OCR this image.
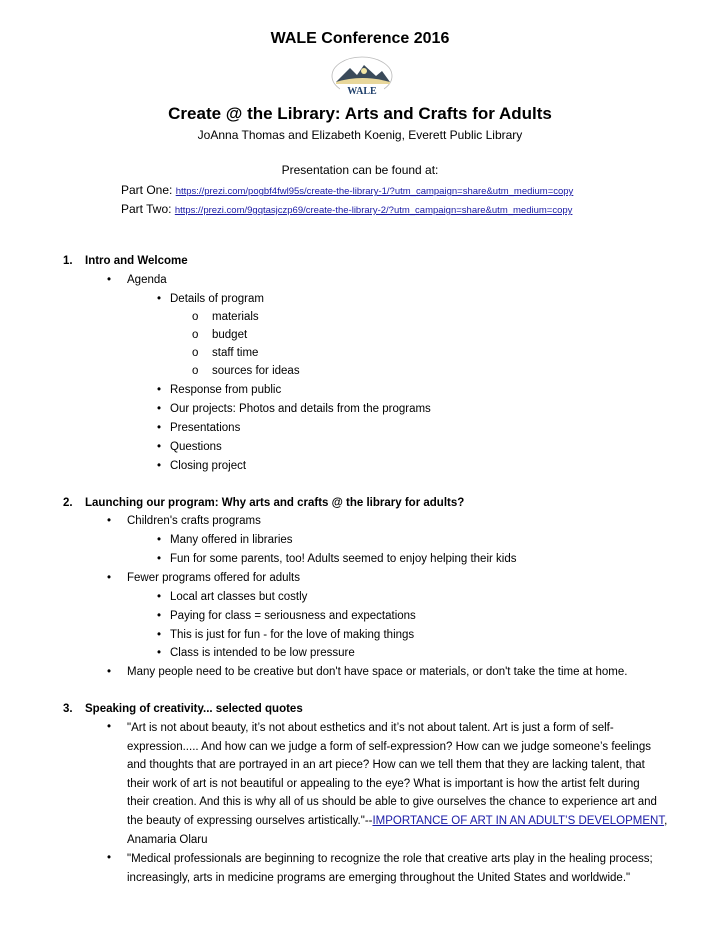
WALE Conference 2016
WALE
Create @ the Library: Arts and Crafts for Adults
JoAnna Thomas and Elizabeth Koenig, Everett Public Library
Presentation can be found at:
Part One: https://prezi.com/pogbf4fwl95s/create-the-library-1/?utm_campaign=share&utm_medium=copy
Part Two: https://prezi.com/9gqtasjczp69/create-the-library-2/?utm_campaign=share&utm_medium=copy
1. Intro and Welcome
• Agenda
• Details of program
o materials
o budget
o staff time
o sources for ideas
• Response from public
• Our projects: Photos and details from the programs
• Presentations
• Questions
• Closing project
2. Launching our program: Why arts and crafts @ the library for adults?
• Children's crafts programs
• Many offered in libraries
• Fun for some parents, too! Adults seemed to enjoy helping their kids
• Fewer programs offered for adults
• Local art classes but costly
• Paying for class = seriousness and expectations
• This is just for fun - for the love of making things
• Class is intended to be low pressure
• Many people need to be creative but don't have space or materials, or don't take the time at home.
3. Speaking of creativity... selected quotes
• "Art is not about beauty, it’s not about esthetics and it’s not about talent. Art is just a form of self-
expression..... And how can we judge a form of self-expression? How can we judge someone’s feelings
and thoughts that are portrayed in an art piece? How can we tell them that they are lacking talent, that
their work of art is not beautiful or appealing to the eye? What is important is how the artist felt during
their creation. And this is why all of us should be able to give ourselves the chance to experience art and
the beauty of expressing ourselves artistically."--IMPORTANCE OF ART IN AN ADULT’S DEVELOPMENT,
Anamaria Olaru
• "Medical professionals are beginning to recognize the role that creative arts play in the healing process;
increasingly, arts in medicine programs are emerging throughout the United States and worldwide."
